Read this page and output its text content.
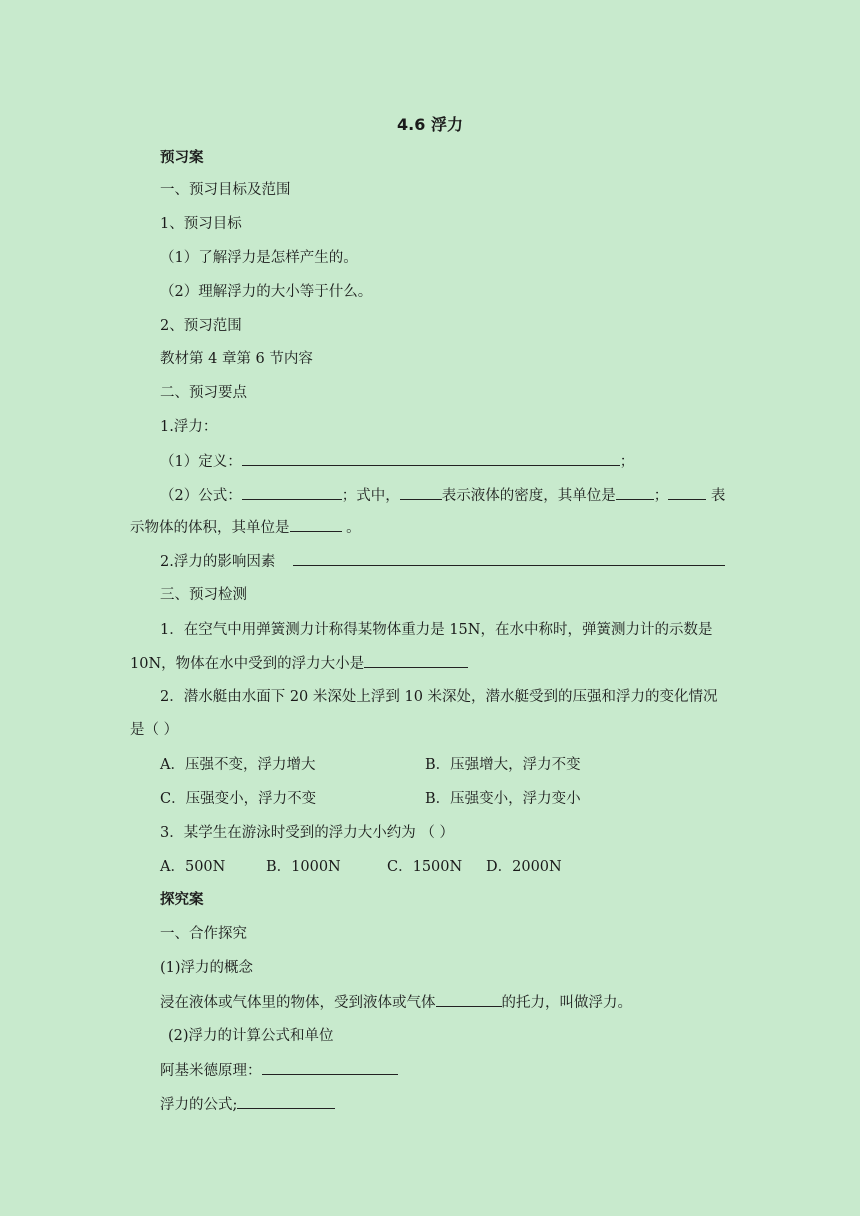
4.6 浮力
预习案
一、预习目标及范围
1、预习目标
（1）了解浮力是怎样产生的。
（2）理解浮力的大小等于什么。
2、预习范围
教材第 4 章第 6 节内容
二、预习要点
1.浮力：
（1）定义：	；
（2）公式：	；式中，	表示液体的密度，其单位是	；	表
示物体的体积，其单位是	。
2.浮力的影响因素
三、预习检测
1．在空气中用弹簧测力计称得某物体重力是 15N，在水中称时，弹簧测力计的示数是
10N，物体在水中受到的浮力大小是
2．潜水艇由水面下 20 米深处上浮到 10 米深处，潜水艇受到的压强和浮力的变化情况
是（ ）
A．压强不变，浮力增大	B．压强增大，浮力不变
C．压强变小，浮力不变	B．压强变小，浮力变小
3．某学生在游泳时受到的浮力大小约为 （ ）
A．500N	B．1000N	C．1500N D．2000N
探究案
一、合作探究
(1)浮力的概念
浸在液体或气体里的物体，受到液体或气体	的托力，叫做浮力。
(2)浮力的计算公式和单位
阿基米德原理：
浮力的公式;
